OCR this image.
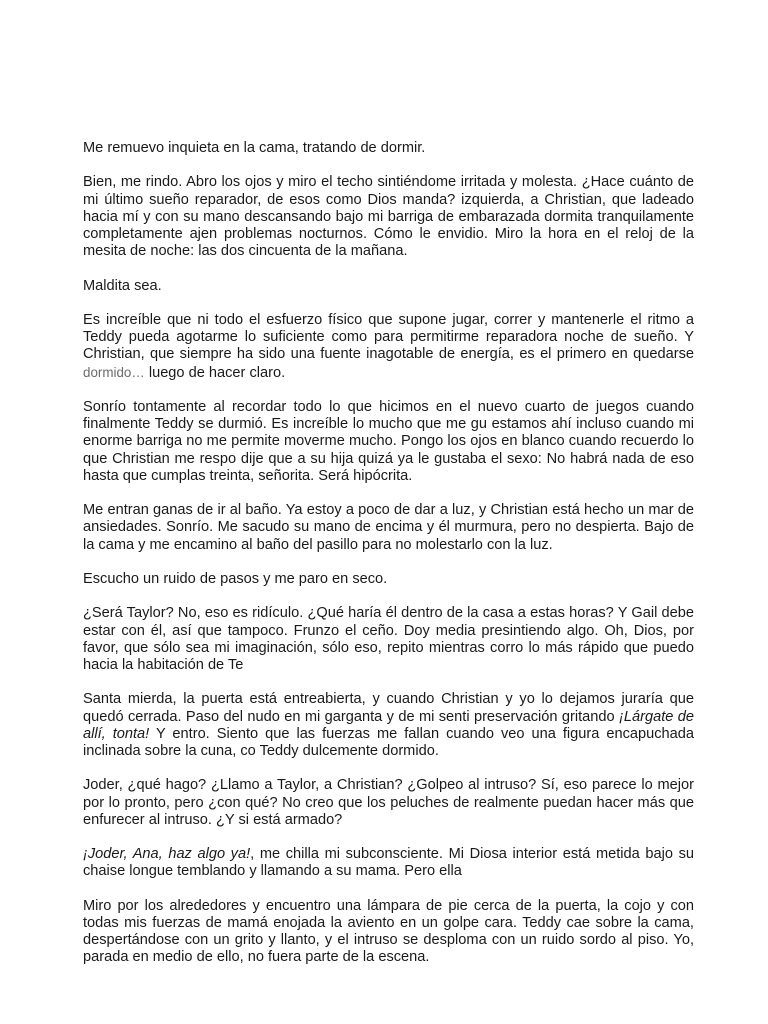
Me remuevo inquieta en la cama, tratando de dormir.

Bien, me rindo. Abro los ojos y miro el techo sintiéndome irritada y molesta. ¿Hace cuánto de mi último sueño reparador, de esos como Dios manda? izquierda, a Christian, que ladeado hacia mí y con su mano descansando bajo mi barriga de embarazada dormita tranquilamente completamente ajen problemas nocturnos. Cómo le envidio. Miro la hora en el reloj de la mesita de noche: las dos cincuenta de la mañana.

Maldita sea.

Es increíble que ni todo el esfuerzo físico que supone jugar, correr y mantenerle el ritmo a Teddy pueda agotarme lo suficiente como para permitirme reparadora noche de sueño. Y Christian, que siempre ha sido una fuente inagotable de energía, es el primero en quedarse dormido… luego de hacer claro.

Sonrío tontamente al recordar todo lo que hicimos en el nuevo cuarto de juegos cuando finalmente Teddy se durmió. Es increíble lo mucho que me gu estamos ahí incluso cuando mi enorme barriga no me permite moverme mucho. Pongo los ojos en blanco cuando recuerdo lo que Christian me respo dije que a su hija quizá ya le gustaba el sexo: No habrá nada de eso hasta que cumplas treinta, señorita. Será hipócrita.

Me entran ganas de ir al baño. Ya estoy a poco de dar a luz, y Christian está hecho un mar de ansiedades. Sonrío. Me sacudo su mano de encima y él murmura, pero no despierta. Bajo de la cama y me encamino al baño del pasillo para no molestarlo con la luz.

Escucho un ruido de pasos y me paro en seco.

¿Será Taylor? No, eso es ridículo. ¿Qué haría él dentro de la casa a estas horas? Y Gail debe estar con él, así que tampoco. Frunzo el ceño. Doy media presintiendo algo. Oh, Dios, por favor, que sólo sea mi imaginación, sólo eso, repito mientras corro lo más rápido que puedo hacia la habitación de Te

Santa mierda, la puerta está entreabierta, y cuando Christian y yo lo dejamos juraría que quedó cerrada. Paso del nudo en mi garganta y de mi senti preservación gritando ¡Lárgate de allí, tonta! Y entro. Siento que las fuerzas me fallan cuando veo una figura encapuchada inclinada sobre la cuna, co Teddy dulcemente dormido.

Joder, ¿qué hago? ¿Llamo a Taylor, a Christian? ¿Golpeo al intruso? Sí, eso parece lo mejor por lo pronto, pero ¿con qué? No creo que los peluches de realmente puedan hacer más que enfurecer al intruso. ¿Y si está armado?

¡Joder, Ana, haz algo ya!, me chilla mi subconsciente. Mi Diosa interior está metida bajo su chaise longue temblando y llamando a su mama. Pero ella

Miro por los alrededores y encuentro una lámpara de pie cerca de la puerta, la cojo y con todas mis fuerzas de mamá enojada la aviento en un golpe cara. Teddy cae sobre la cama, despertándose con un grito y llanto, y el intruso se desploma con un ruido sordo al piso. Yo, parada en medio de ello, no fuera parte de la escena.
